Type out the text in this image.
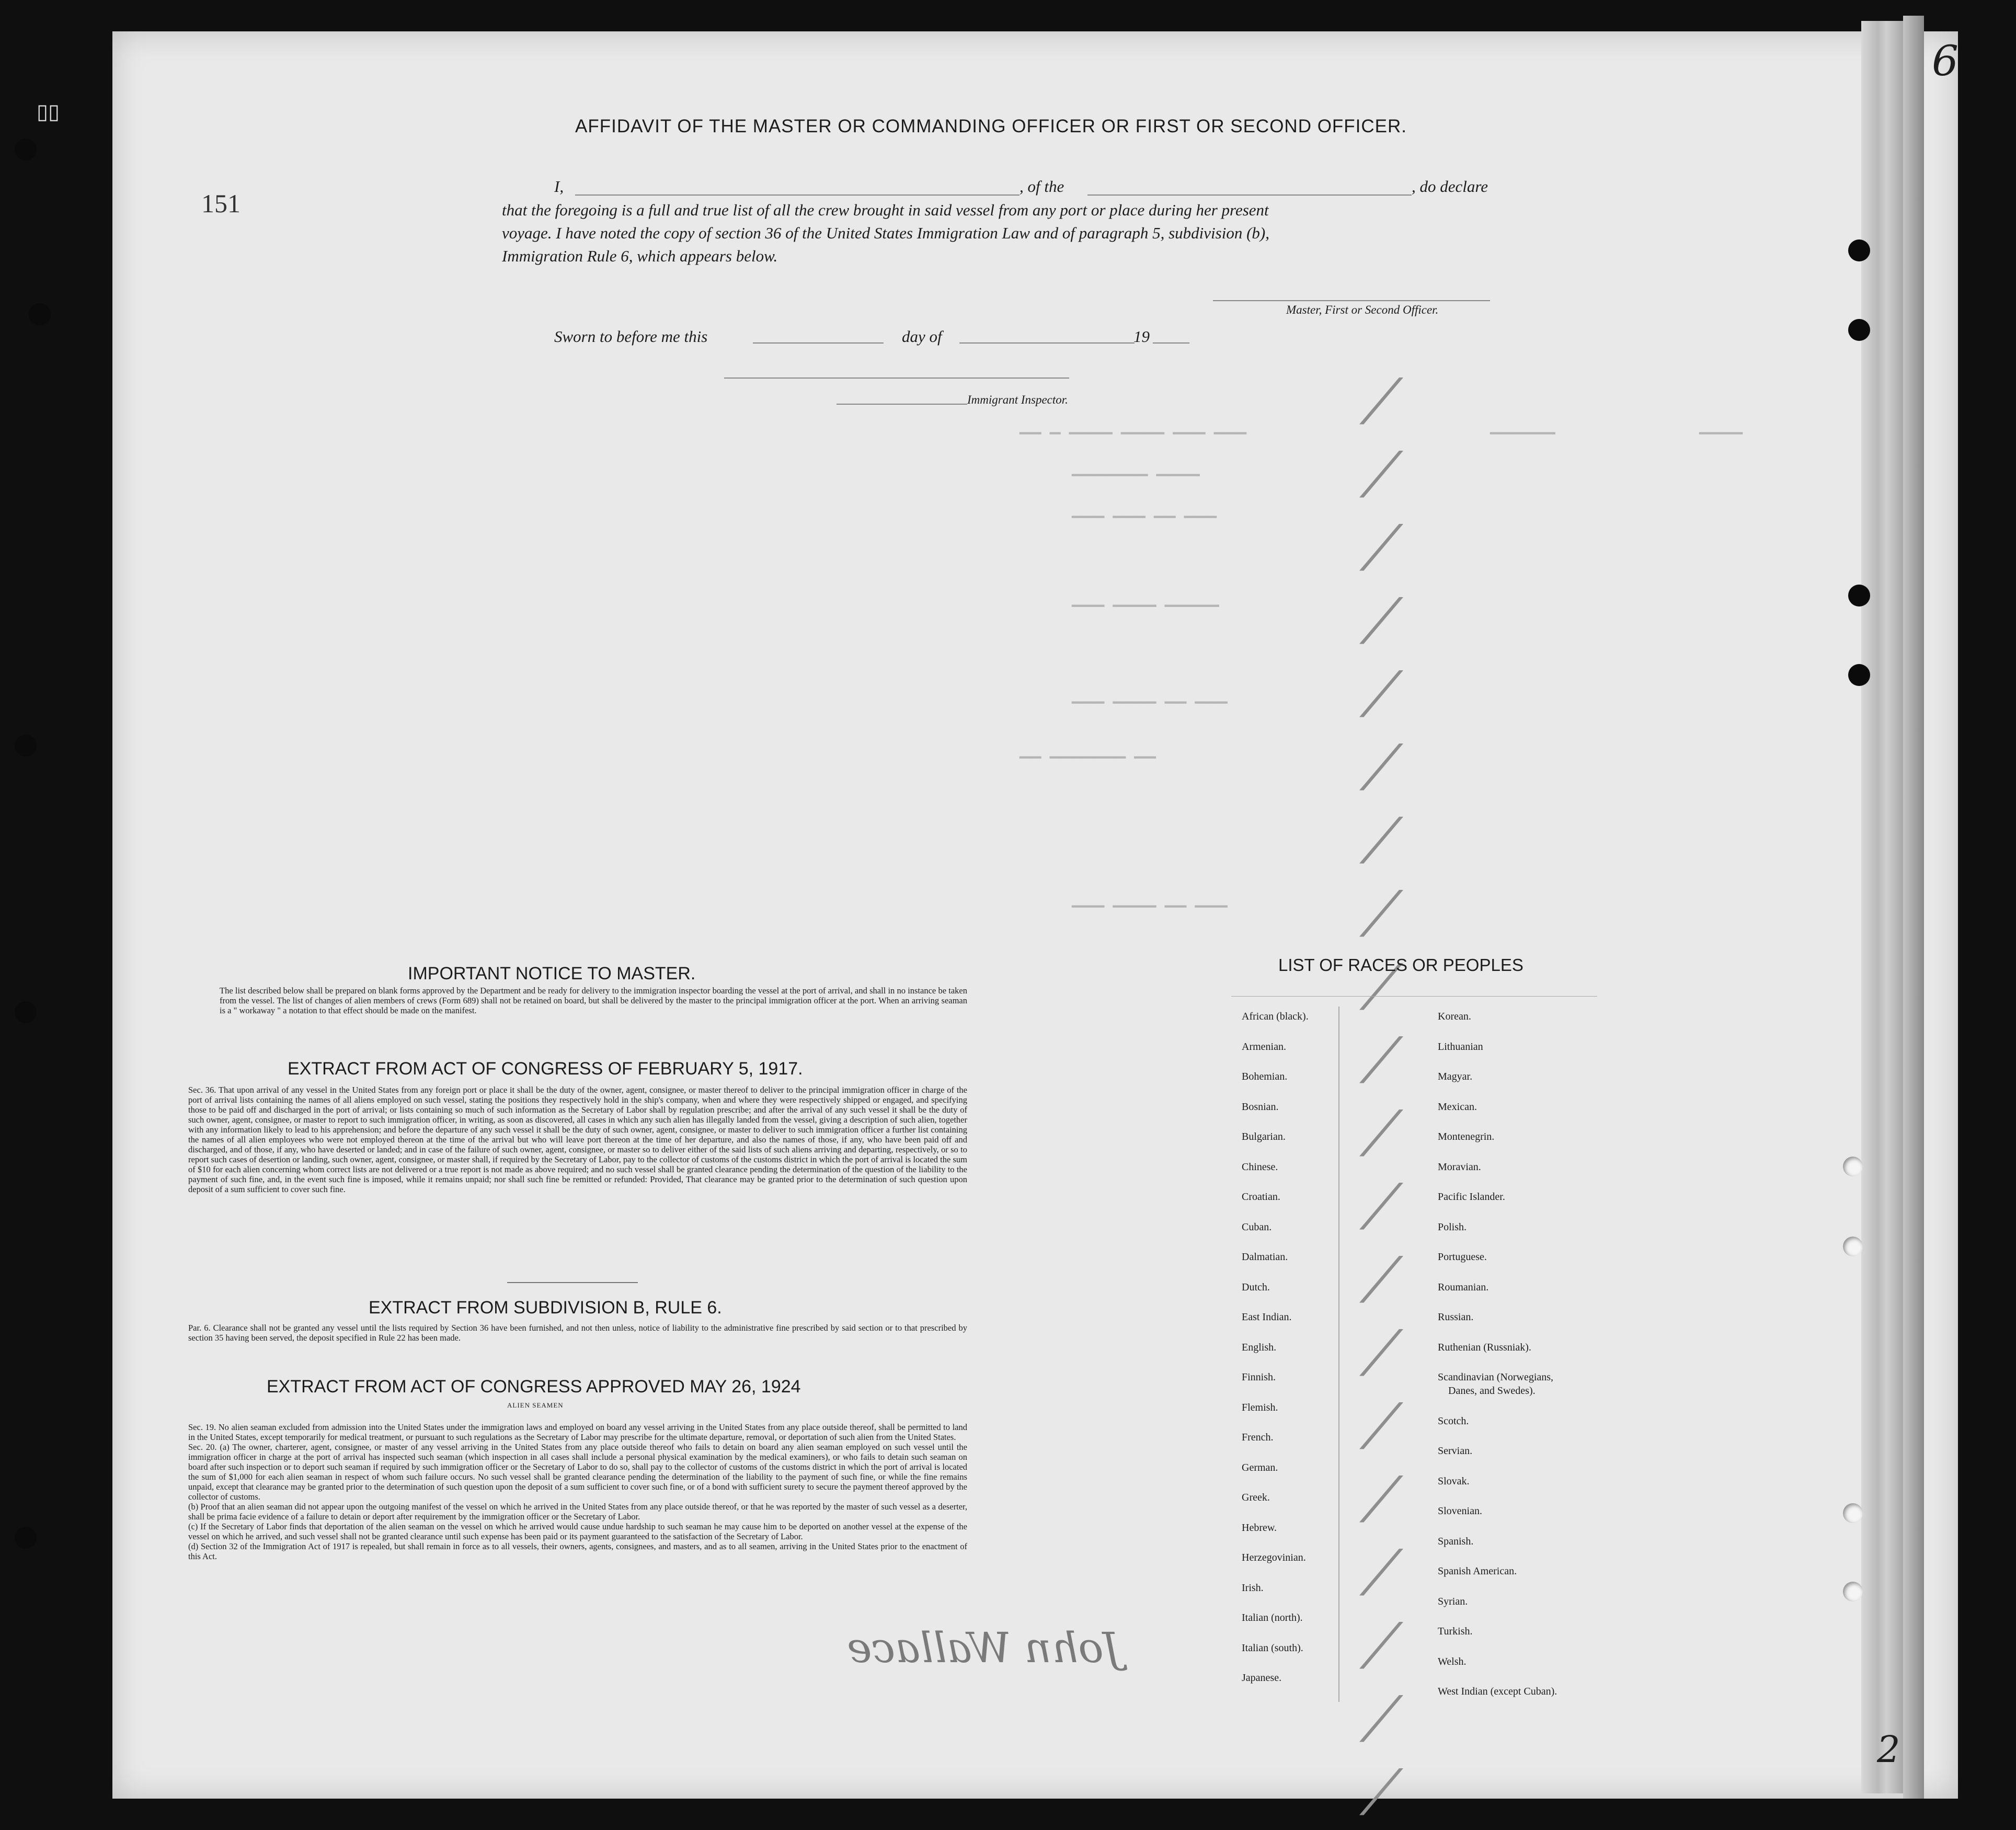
▯▯
151
6
2
▁▁▁ ▁▁▁ ▁▁▁▁ ▁▁▁▁ ▁ ▁▁	▁▁▁▁▁▁	▁▁▁▁
▁▁▁▁ ▁▁▁▁▁▁▁
▁▁▁ ▁▁ ▁▁▁ ▁▁▁
▁▁▁▁▁ ▁▁▁▁ ▁▁▁
▁▁▁ ▁▁ ▁▁▁▁ ▁▁▁
▁▁ ▁▁▁▁▁▁▁ ▁▁
▁▁▁ ▁▁ ▁▁▁▁ ▁▁▁
⟋
⟋
⟋
⟋
⟋
⟋
⟋
⟋
⟋
⟋
⟋
⟋
⟋
⟋
⟋
⟋
⟋
⟋
⟋
⟋
AFFIDAVIT OF THE MASTER OR COMMANDING OFFICER OR FIRST OR SECOND OFFICER.
I,	, of the	, do declare
that the foregoing is a full and true list of all the crew brought in said vessel from any port or place during her present
voyage. I have noted the copy of section 36 of the United States Immigration Law and of paragraph 5, subdivision (b),
Immigration Rule 6, which appears below.
Master, First or Second Officer.
Sworn to before me this	day of	19
Immigrant Inspector.
IMPORTANT NOTICE TO MASTER.
The list described below shall be prepared on blank forms approved by the Department and be ready for delivery to the immigration inspector boarding the vessel at the port of arrival, and shall in no instance be taken from the vessel. The list of changes of alien members of crews (Form 689) shall not be retained on board, but shall be delivered by the master to the principal immigration officer at the port. When an arriving seaman is a " workaway " a notation to that effect should be made on the manifest.
EXTRACT FROM ACT OF CONGRESS OF FEBRUARY 5, 1917.
Sec. 36. That upon arrival of any vessel in the United States from any foreign port or place it shall be the duty of the owner, agent, consignee, or master thereof to deliver to the principal immigration officer in charge of the port of arrival lists containing the names of all aliens employed on such vessel, stating the positions they respectively hold in the ship's company, when and where they were respectively shipped or engaged, and specifying those to be paid off and discharged in the port of arrival; or lists containing so much of such information as the Secretary of Labor shall by regulation prescribe; and after the arrival of any such vessel it shall be the duty of such owner, agent, consignee, or master to report to such immigration officer, in writing, as soon as discovered, all cases in which any such alien has illegally landed from the vessel, giving a description of such alien, together with any information likely to lead to his apprehension; and before the departure of any such vessel it shall be the duty of such owner, agent, consignee, or master to deliver to such immigration officer a further list containing the names of all alien employees who were not employed thereon at the time of the arrival but who will leave port thereon at the time of her departure, and also the names of those, if any, who have been paid off and discharged, and of those, if any, who have deserted or landed; and in case of the failure of such owner, agent, consignee, or master so to deliver either of the said lists of such aliens arriving and departing, respectively, or so to report such cases of desertion or landing, such owner, agent, consignee, or master shall, if required by the Secretary of Labor, pay to the collector of customs of the customs district in which the port of arrival is located the sum of $10 for each alien concerning whom correct lists are not delivered or a true report is not made as above required; and no such vessel shall be granted clearance pending the determination of the question of the liability to the payment of such fine, and, in the event such fine is imposed, while it remains unpaid; nor shall such fine be remitted or refunded: Provided, That clearance may be granted prior to the determination of such question upon deposit of a sum sufficient to cover such fine.
EXTRACT FROM SUBDIVISION B, RULE 6.
Par. 6. Clearance shall not be granted any vessel until the lists required by Section 36 have been furnished, and not then unless, notice of liability to the administrative fine prescribed by said section or to that prescribed by section 35 having been served, the deposit specified in Rule 22 has been made.
EXTRACT FROM ACT OF CONGRESS APPROVED MAY 26, 1924
ALIEN SEAMEN

Sec. 19. No alien seaman excluded from admission into the United States under the immigration laws and employed on board any vessel arriving in the United States from any place outside thereof, shall be permitted to land in the United States, except temporarily for medical treatment, or pursuant to such regulations as the Secretary of Labor may prescribe for the ultimate departure, removal, or deportation of such alien from the United States.

Sec. 20. (a) The owner, charterer, agent, consignee, or master of any vessel arriving in the United States from any place outside thereof who fails to detain on board any alien seaman employed on such vessel until the immigration officer in charge at the port of arrival has inspected such seaman (which inspection in all cases shall include a personal physical examination by the medical examiners), or who fails to detain such seaman on board after such inspection or to deport such seaman if required by such immigration officer or the Secretary of Labor to do so, shall pay to the collector of customs of the customs district in which the port of arrival is located the sum of $1,000 for each alien seaman in respect of whom such failure occurs. No such vessel shall be granted clearance pending the determination of the liability to the payment of such fine, or while the fine remains unpaid, except that clearance may be granted prior to the determination of such question upon the deposit of a sum sufficient to cover such fine, or of a bond with sufficient surety to secure the payment thereof approved by the collector of customs.

(b) Proof that an alien seaman did not appear upon the outgoing manifest of the vessel on which he arrived in the United States from any place outside thereof, or that he was reported by the master of such vessel as a deserter, shall be prima facie evidence of a failure to detain or deport after requirement by the immigration officer or the Secretary of Labor.

(c) If the Secretary of Labor finds that deportation of the alien seaman on the vessel on which he arrived would cause undue hardship to such seaman he may cause him to be deported on another vessel at the expense of the vessel on which he arrived, and such vessel shall not be granted clearance until such expense has been paid or its payment guaranteed to the satisfaction of the Secretary of Labor.

(d) Section 32 of the Immigration Act of 1917 is repealed, but shall remain in force as to all vessels, their owners, agents, consignees, and masters, and as to all seamen, arriving in the United States prior to the enactment of this Act.

John Wallace
LIST OF RACES OR PEOPLES
African (black).
Armenian.
Bohemian.
Bosnian.
Bulgarian.
Chinese.
Croatian.
Cuban.
Dalmatian.
Dutch.
East Indian.
English.
Finnish.
Flemish.
French.
German.
Greek.
Hebrew.
Herzegovinian.
Irish.
Italian (north).
Italian (south).
Japanese.
Korean.
Lithuanian
Magyar.
Mexican.
Montenegrin.
Moravian.
Pacific Islander.
Polish.
Portuguese.
Roumanian.
Russian.
Ruthenian (Russniak).
Scandinavian (Norwegians,
Danes, and Swedes).
Scotch.
Servian.
Slovak.
Slovenian.
Spanish.
Spanish American.
Syrian.
Turkish.
Welsh.
West Indian (except Cuban).
